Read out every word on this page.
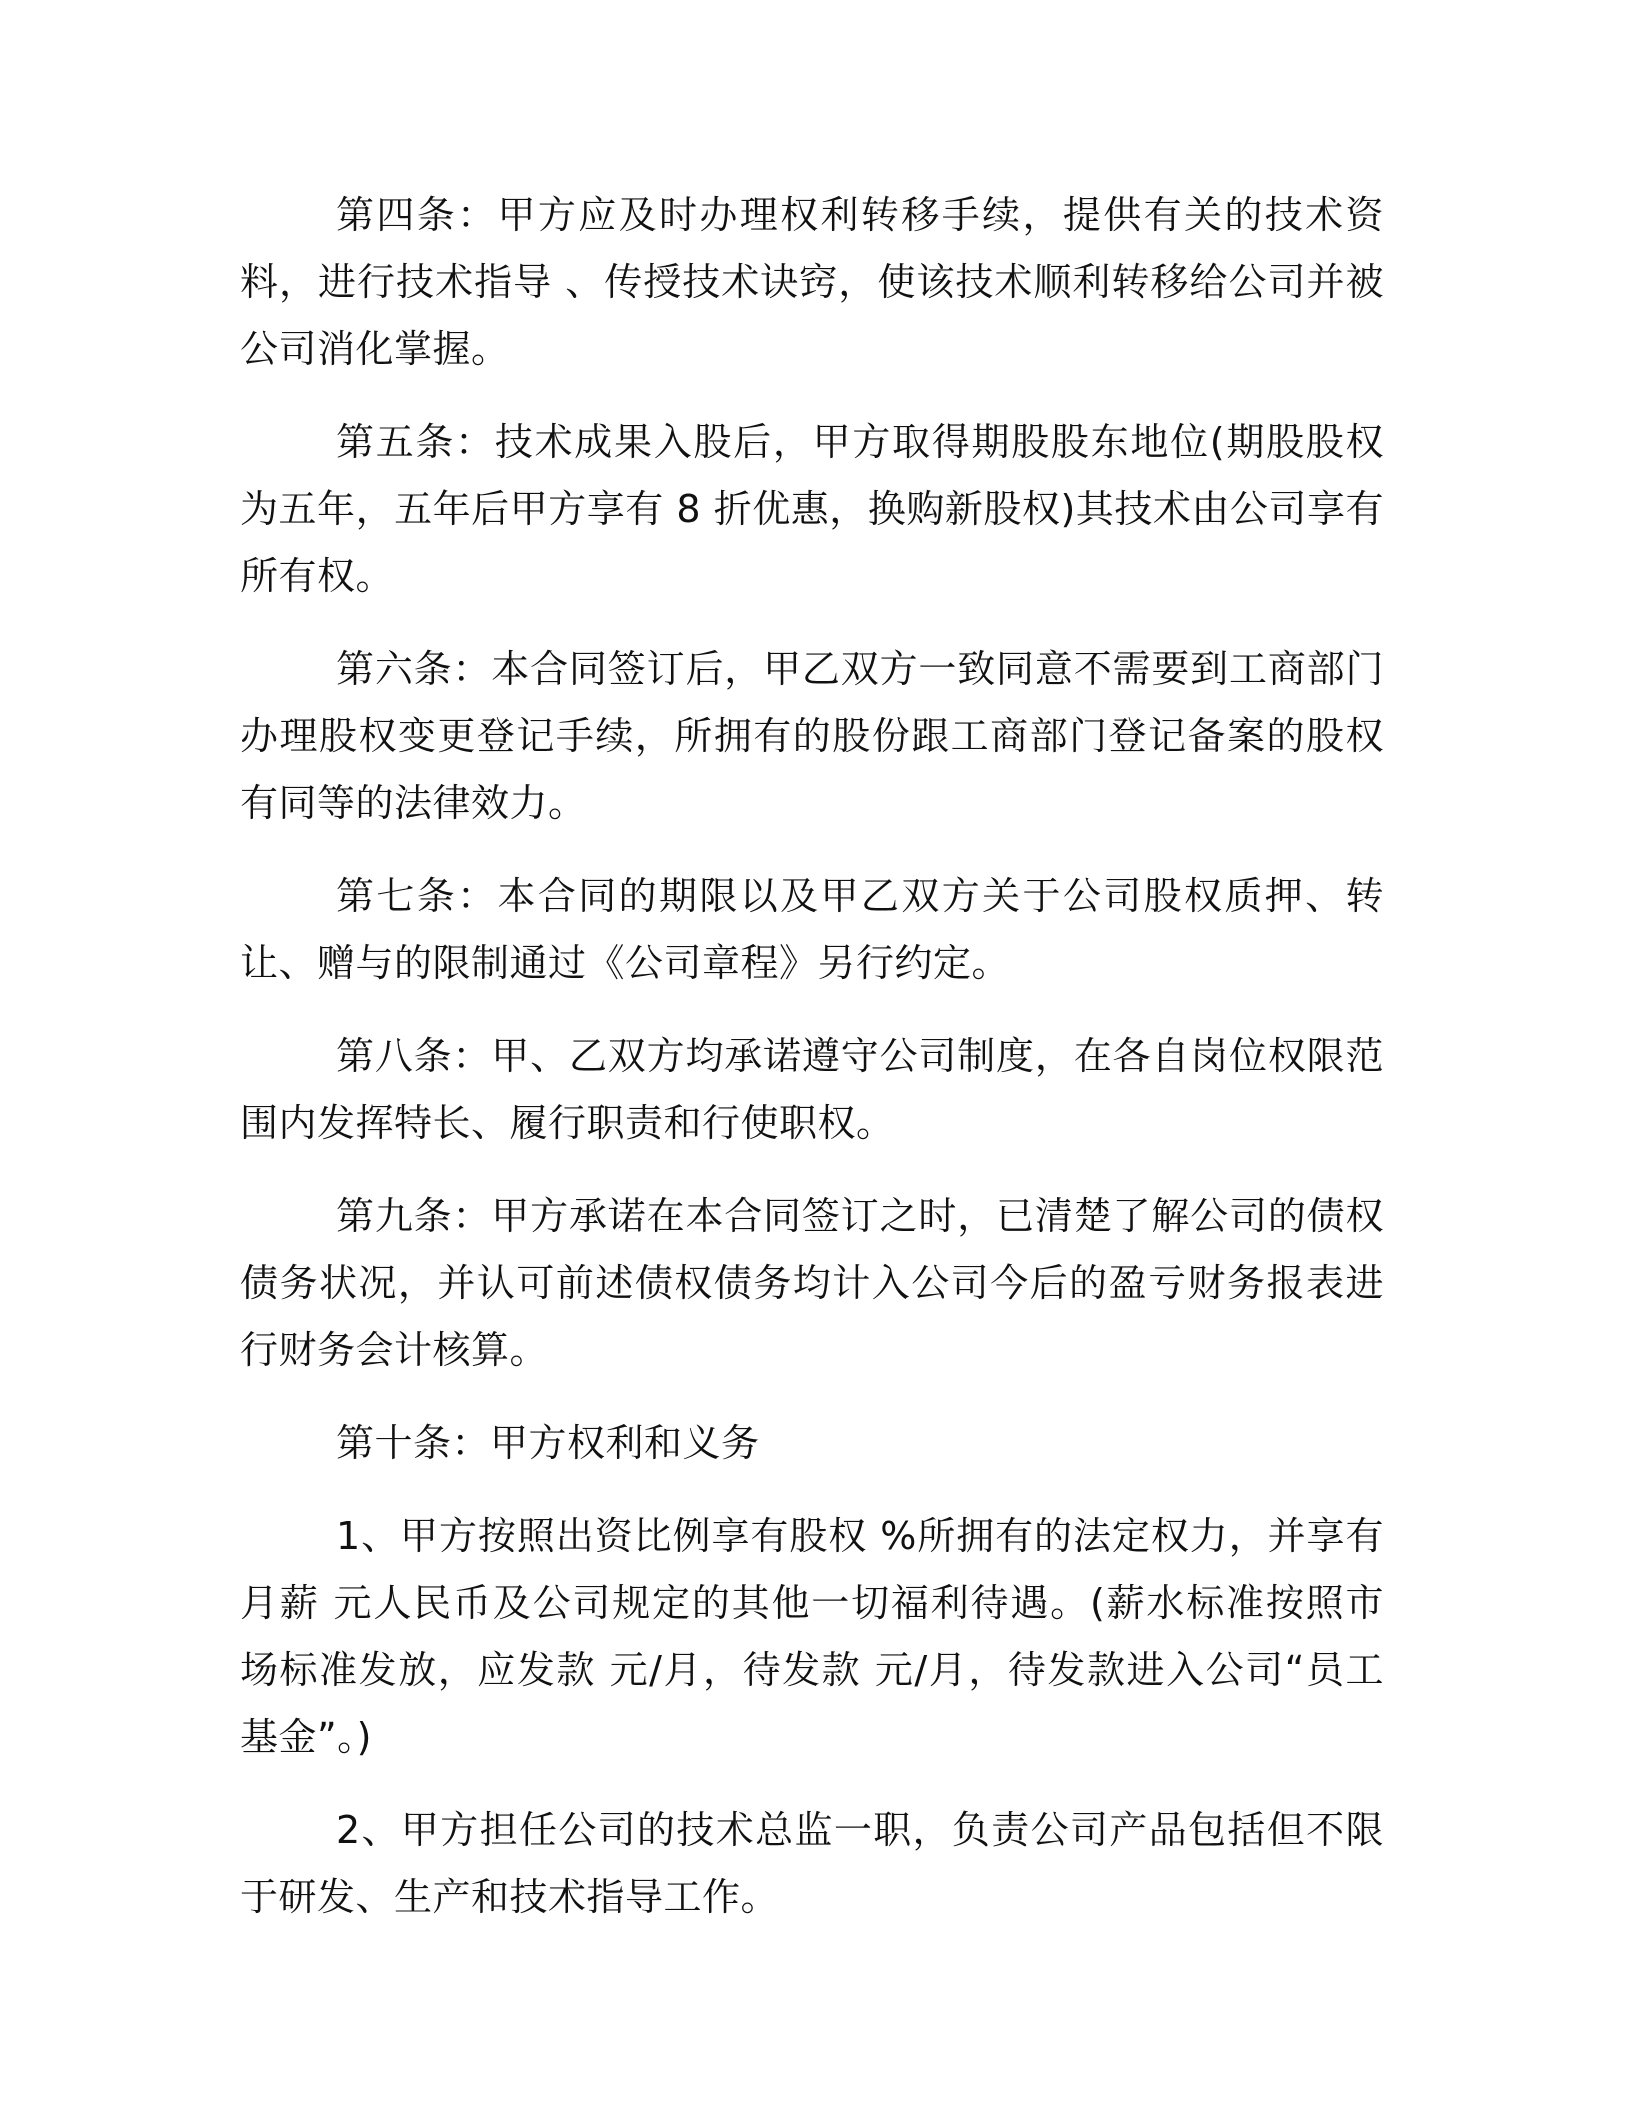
第四条：甲方应及时办理权利转移手续，提供有关的技术资料，进行技术指导 、传授技术诀窍，使该技术顺利转移给公司并被公司消化掌握。

第五条：技术成果入股后，甲方取得期股股东地位(期股股权为五年，五年后甲方享有 8 折优惠，换购新股权)其技术由公司享有所有权。

第六条：本合同签订后，甲乙双方一致同意不需要到工商部门办理股权变更登记手续，所拥有的股份跟工商部门登记备案的股权有同等的法律效力。

第七条：本合同的期限以及甲乙双方关于公司股权质押、转让、赠与的限制通过《公司章程》另行约定。

第八条：甲、乙双方均承诺遵守公司制度，在各自岗位权限范围内发挥特长、履行职责和行使职权。

第九条：甲方承诺在本合同签订之时，已清楚了解公司的债权债务状况，并认可前述债权债务均计入公司今后的盈亏财务报表进行财务会计核算。

第十条：甲方权利和义务

1、甲方按照出资比例享有股权 %所拥有的法定权力，并享有月薪 元人民币及公司规定的其他一切福利待遇。(薪水标准按照市场标准发放，应发款 元/月，待发款 元/月，待发款进入公司“员工基金”。)

2、甲方担任公司的技术总监一职，负责公司产品包括但不限于研发、生产和技术指导工作。
